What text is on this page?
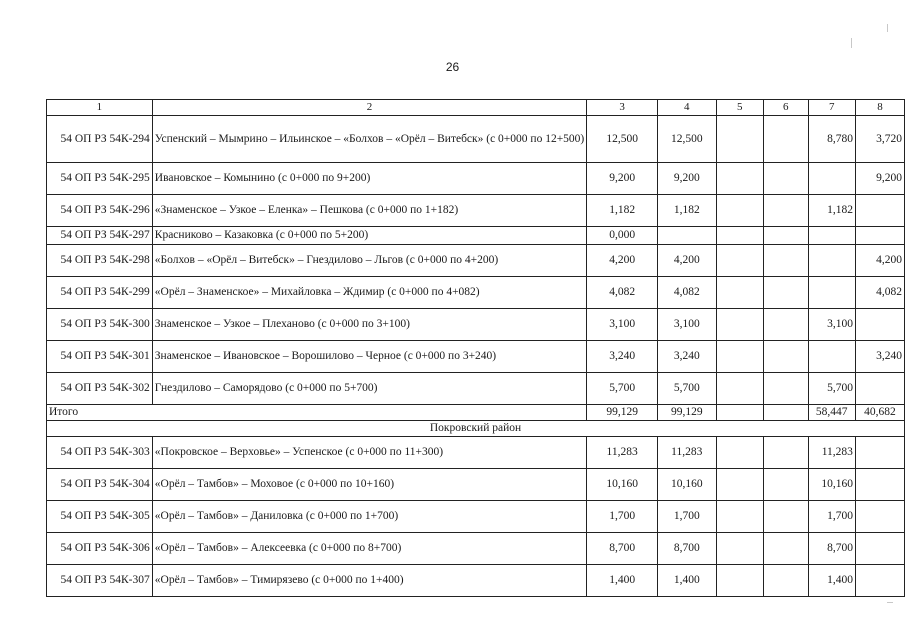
26
1	2	3	4	5	6	7	8
54 ОП РЗ 54К-294	Успенский – Мымрино – Ильинское – «Болхов – «Орёл – Витебск» (с 0+000 по 12+500)	12,500	12,500			8,780	3,720
54 ОП РЗ 54К-295	Ивановское – Комынино (с 0+000 по 9+200)	9,200	9,200				9,200
54 ОП РЗ 54К-296	«Знаменское – Узкое – Еленка» – Пешкова (с 0+000 по 1+182)	1,182	1,182			1,182	
54 ОП РЗ 54К-297	Красниково – Казаковка (с 0+000 по 5+200)	0,000					
54 ОП РЗ 54К-298	«Болхов – «Орёл – Витебск» – Гнездилово – Льгов (с 0+000 по 4+200)	4,200	4,200				4,200
54 ОП РЗ 54К-299	«Орёл – Знаменское» – Михайловка – Ждимир (с 0+000 по 4+082)	4,082	4,082				4,082
54 ОП РЗ 54К-300	Знаменское – Узкое – Плеханово (с 0+000 по 3+100)	3,100	3,100			3,100	
54 ОП РЗ 54К-301	Знаменское – Ивановское – Ворошилово – Черное (с 0+000 по 3+240)	3,240	3,240				3,240
54 ОП РЗ 54К-302	Гнездилово – Саморядово (с 0+000 по 5+700)	5,700	5,700			5,700	
Итого		99,129	99,129			58,447	40,682
Покровский район							
54 ОП РЗ 54К-303	«Покровское – Верховье» – Успенское (с 0+000 по 11+300)	11,283	11,283			11,283	
54 ОП РЗ 54К-304	«Орёл – Тамбов» – Моховое (с 0+000 по 10+160)	10,160	10,160			10,160	
54 ОП РЗ 54К-305	«Орёл – Тамбов» – Даниловка (с 0+000 по 1+700)	1,700	1,700			1,700	
54 ОП РЗ 54К-306	«Орёл – Тамбов» – Алексеевка (с 0+000 по 8+700)	8,700	8,700			8,700	
54 ОП РЗ 54К-307	«Орёл – Тамбов» – Тимирязево (с 0+000 по 1+400)	1,400	1,400			1,400	
